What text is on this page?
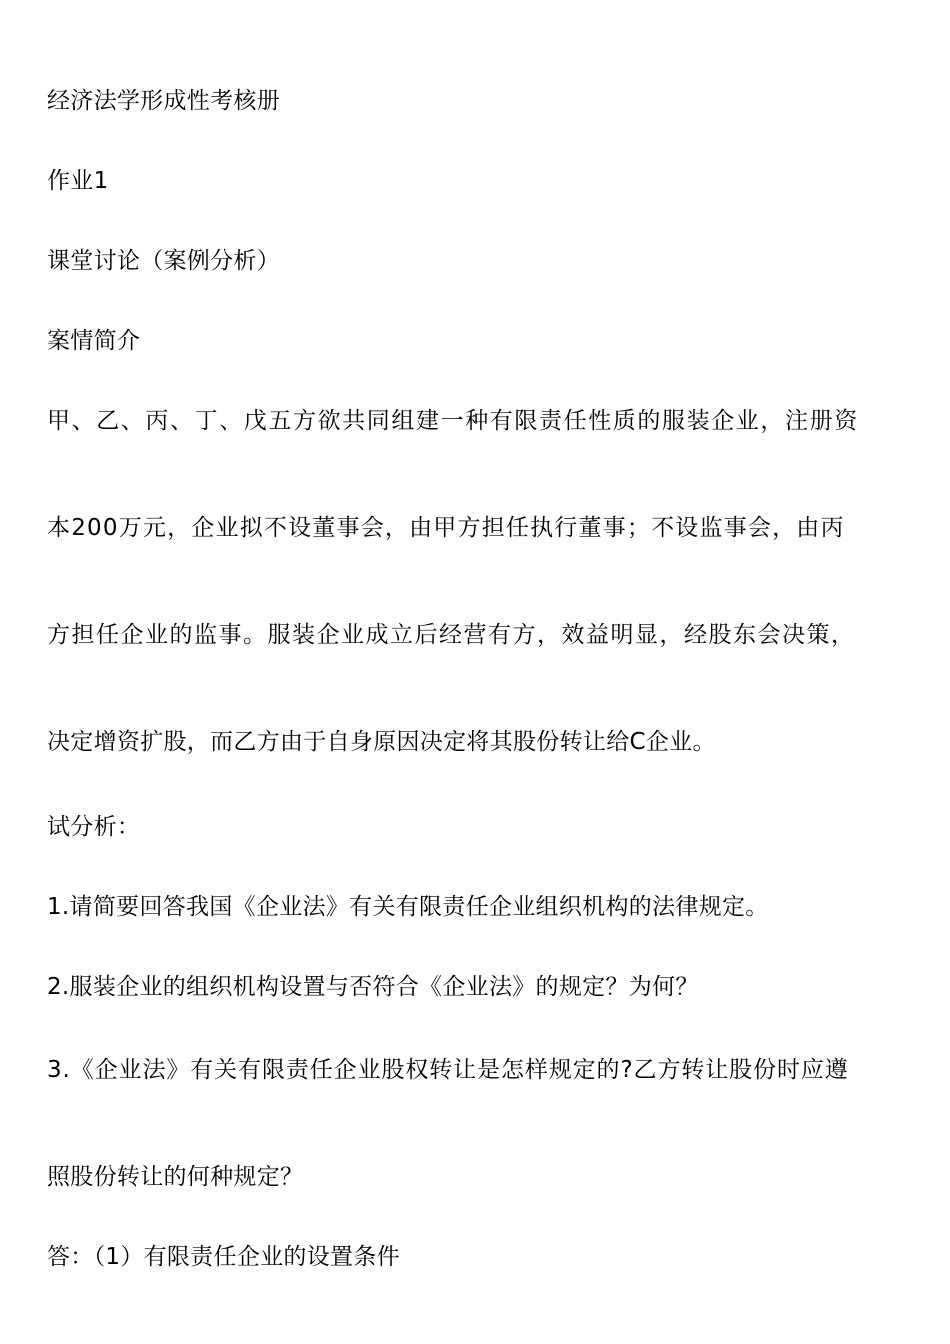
经济法学形成性考核册
作业1
课堂讨论（案例分析）
案情简介
甲、乙、丙、丁、戊五方欲共同组建一种有限责任性质的服装企业，注册资
本200万元，企业拟不设董事会，由甲方担任执行董事；不设监事会，由丙
方担任企业的监事。服装企业成立后经营有方，效益明显，经股东会决策，
决定增资扩股，而乙方由于自身原因决定将其股份转让给C企业。
试分析：
1.请简要回答我国《企业法》有关有限责任企业组织机构的法律规定。
2.服装企业的组织机构设置与否符合《企业法》的规定？为何？
3.《企业法》有关有限责任企业股权转让是怎样规定的?乙方转让股份时应遵
照股份转让的何种规定？
答：（1）有限责任企业的设置条件
